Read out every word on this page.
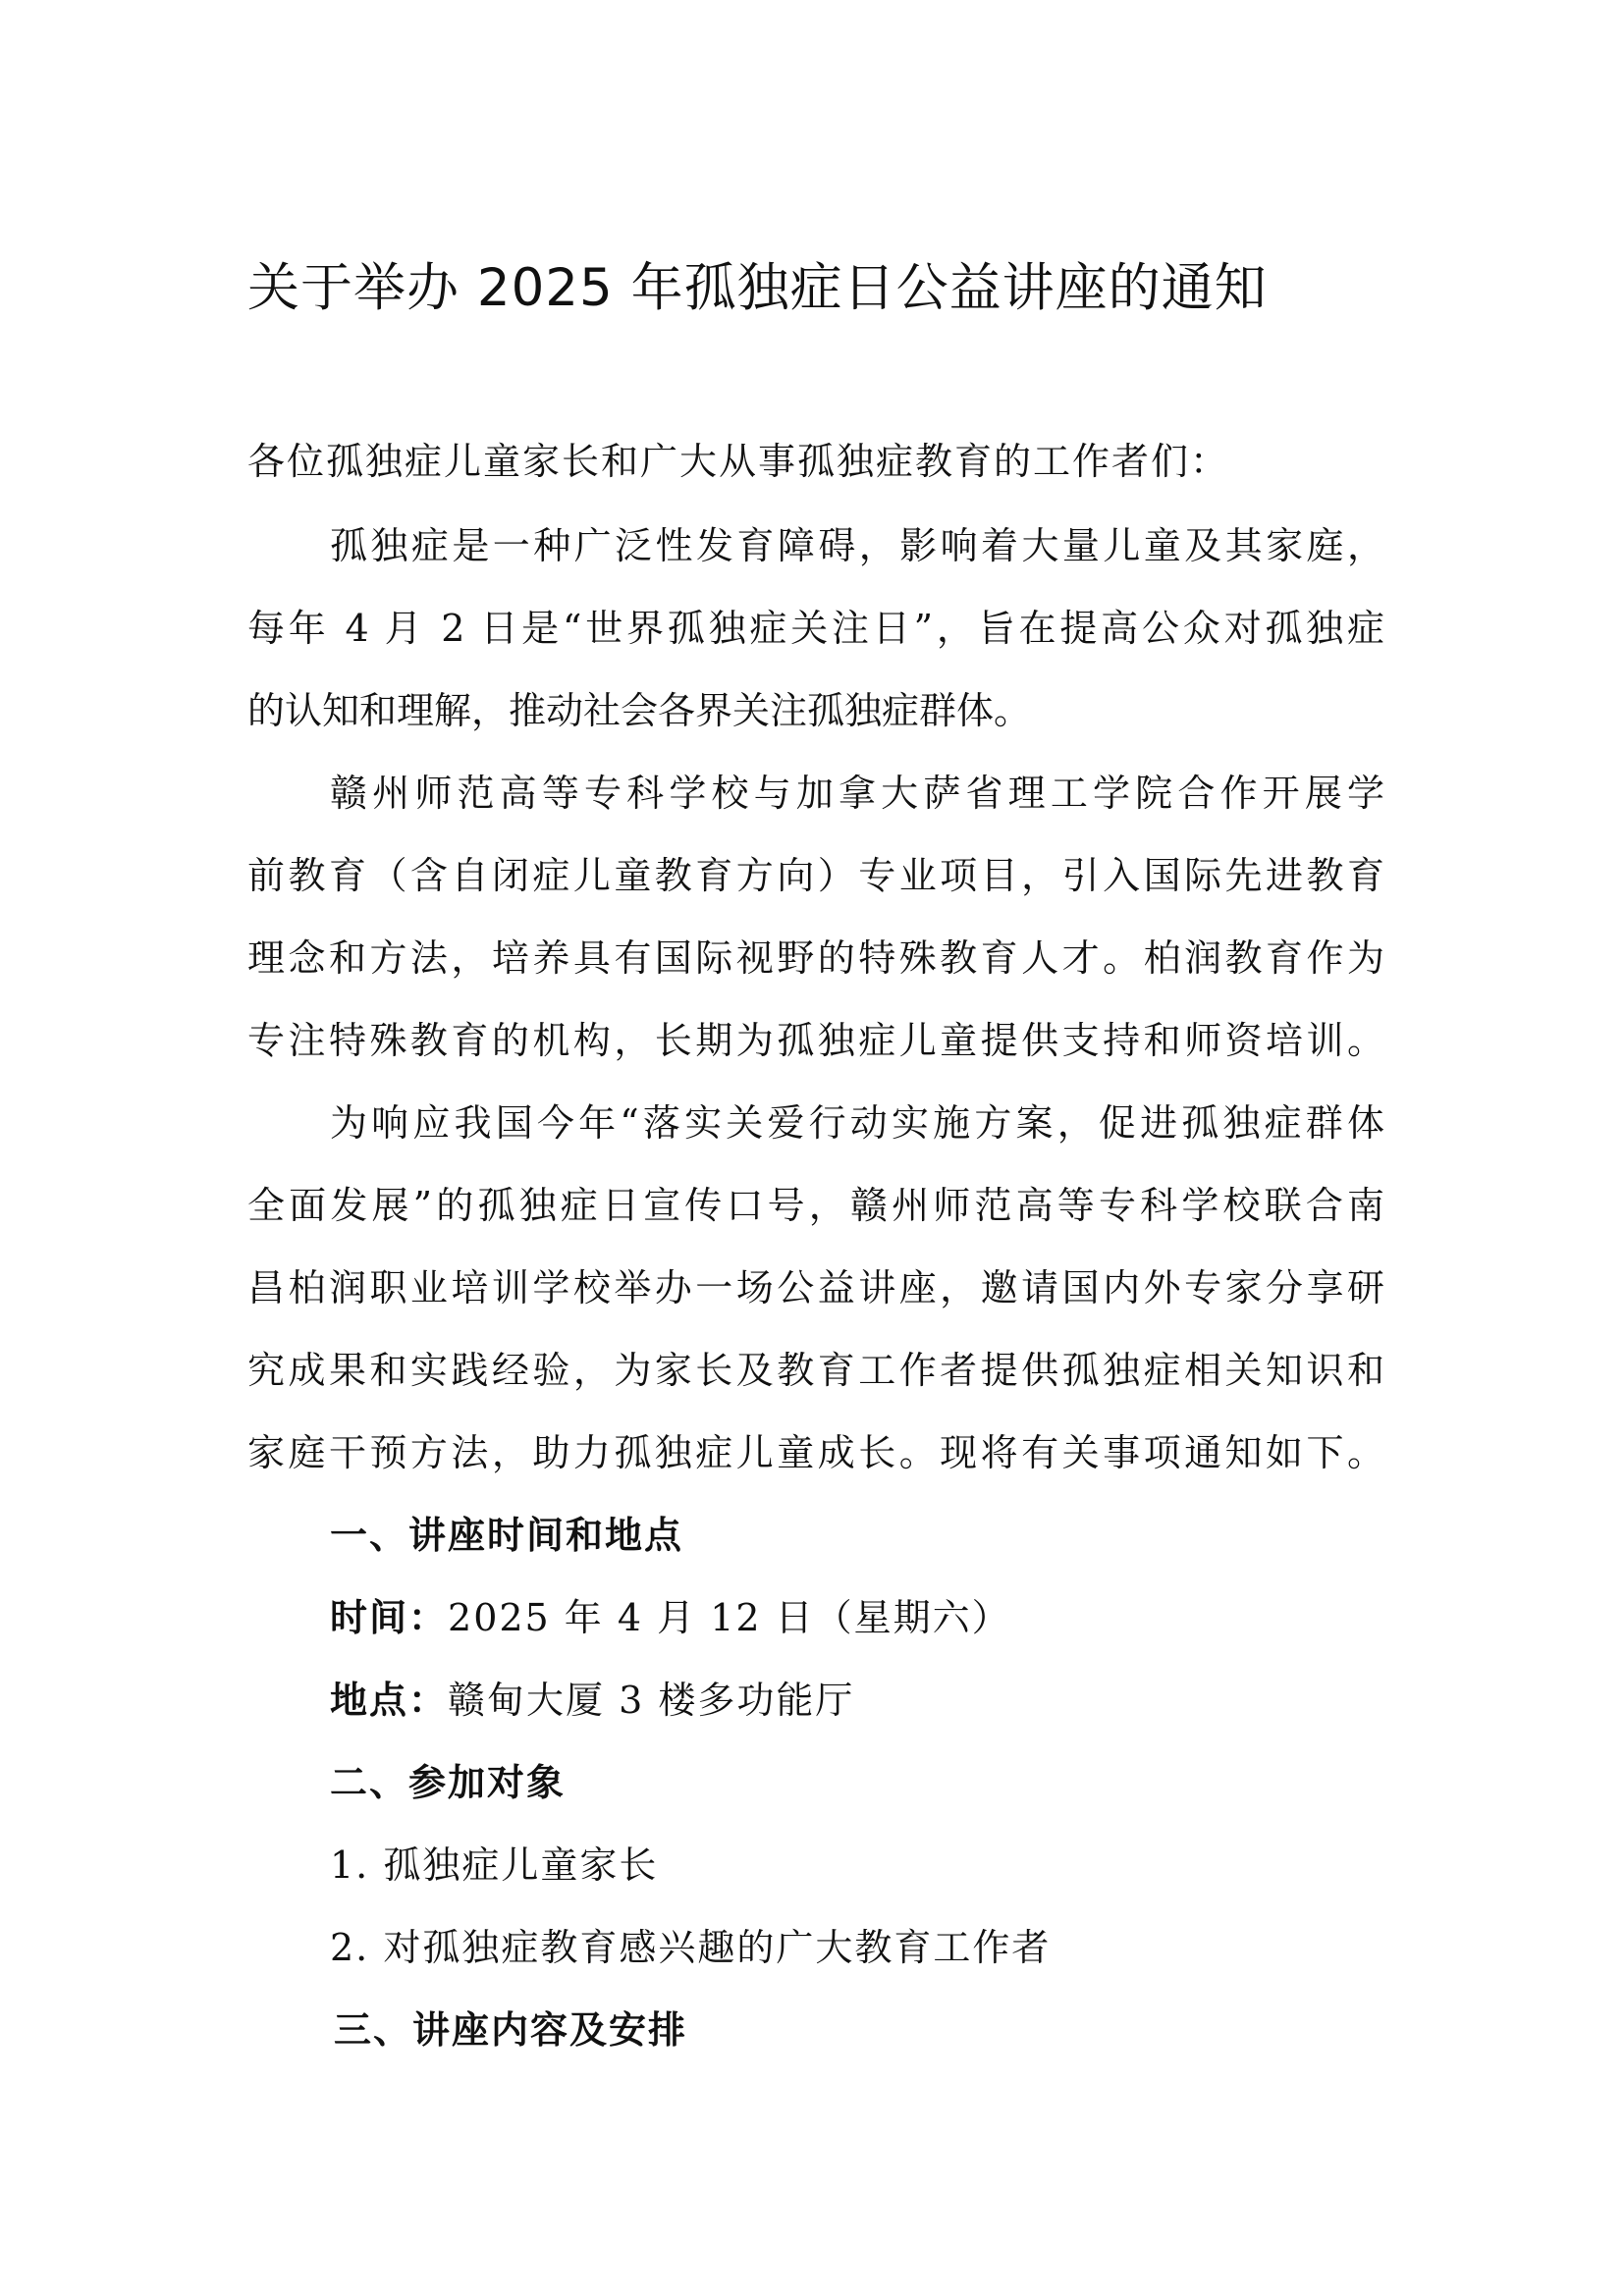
关于举办 2025 年孤独症日公益讲座的通知
各位孤独症儿童家长和广大从事孤独症教育的工作者们：
孤独症是一种广泛性发育障碍，影响着大量儿童及其家庭，
每年 4 月 2 日是“世界孤独症关注日”，旨在提高公众对孤独症
的认知和理解，推动社会各界关注孤独症群体。
赣州师范高等专科学校与加拿大萨省理工学院合作开展学
前教育（含自闭症儿童教育方向）专业项目，引入国际先进教育
理念和方法，培养具有国际视野的特殊教育人才。柏润教育作为
专注特殊教育的机构，长期为孤独症儿童提供支持和师资培训。
为响应我国今年“落实关爱行动实施方案，促进孤独症群体
全面发展”的孤独症日宣传口号，赣州师范高等专科学校联合南
昌柏润职业培训学校举办一场公益讲座，邀请国内外专家分享研
究成果和实践经验，为家长及教育工作者提供孤独症相关知识和
家庭干预方法，助力孤独症儿童成长。现将有关事项通知如下。
一、讲座时间和地点
时间：2025 年 4 月 12 日（星期六）
地点：赣甸大厦 3 楼多功能厅
二、参加对象
1. 孤独症儿童家长
2. 对孤独症教育感兴趣的广大教育工作者
三、讲座内容及安排
